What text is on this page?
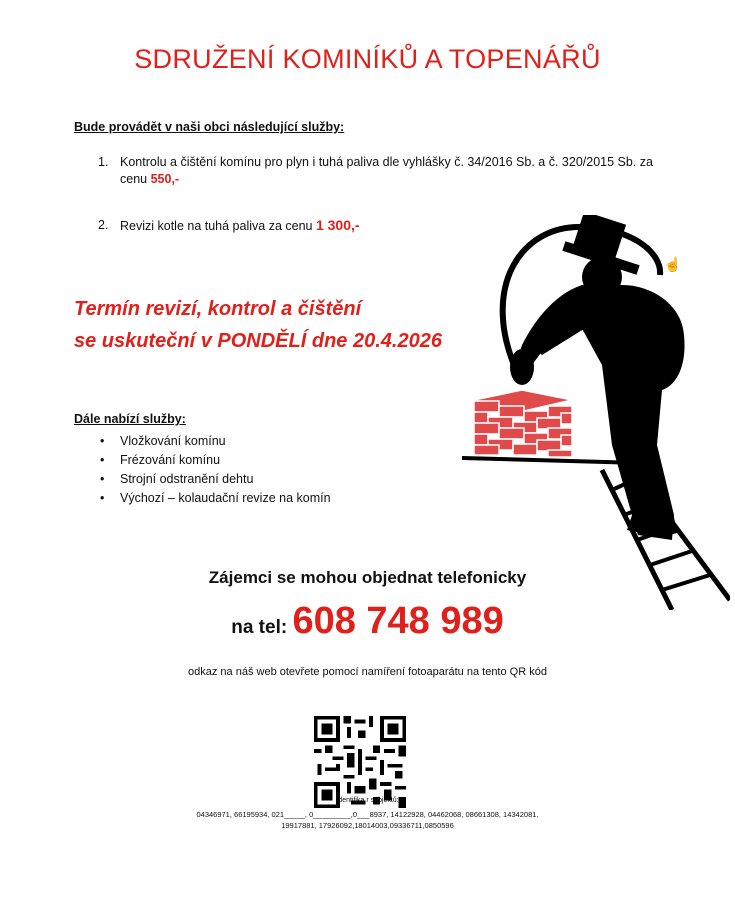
SDRUŽENÍ KOMINÍKŮ A TOPENÁŘŮ
Bude provádět v naši obci následující služby:
1. Kontrolu a čištění komínu pro plyn i tuhá paliva dle vyhlášky č. 34/2016 Sb. a č. 320/2015 Sb. za cenu 550,-
2. Revizi kotle na tuhá paliva za cenu 1 300,-
Termín revizí, kontrol a čištění
se uskuteční v PONDĚLÍ dne 20.4.2026
Dále nabízí služby:
• Vložkování komínu
• Frézování komínu
• Strojní odstranění dehtu
• Výchozí – kolaudační revize na komín
☝
Zájemci se mohou objednat telefonicky
na tel: 608 748 989
odkaz na náš web otevřete pomocí namíření fotoaparátu na tento QR kód
Identifika r subjektů:
04346971, 66195934, 021_____, 0_________,0___8937, 14122928, 04462068, 08661308, 14342081, 19917881, 17926092,18014003,09336711,0850596
